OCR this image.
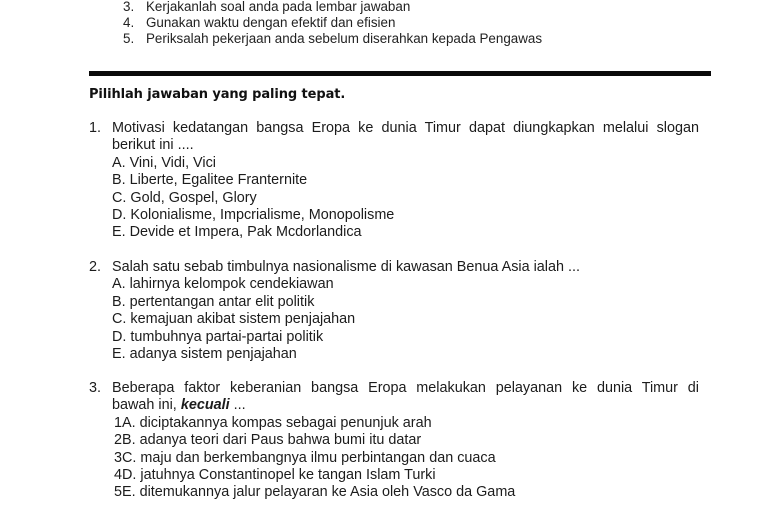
3. Kerjakanlah soal anda pada lembar jawaban
4. Gunakan waktu dengan efektif dan efisien
5. Periksalah pekerjaan anda sebelum diserahkan kepada Pengawas
Pilihlah jawaban yang paling tepat.
1. Motivasi kedatangan bangsa Eropa ke dunia Timur dapat diungkapkan melalui slogan
berikut ini ....
A. Vini, Vidi, Vici
B. Liberte, Egalitee Franternite
C. Gold, Gospel, Glory
D. Kolonialisme, Impcrialisme, Monopolisme
E. Devide et Impera, Pak Mcdorlandica
2. Salah satu sebab timbulnya nasionalisme di kawasan Benua Asia ialah ...
A. lahirnya kelompok cendekiawan
B. pertentangan antar elit politik
C. kemajuan akibat sistem penjajahan
D. tumbuhnya partai-partai politik
E. adanya sistem penjajahan
3. Beberapa faktor keberanian bangsa Eropa melakukan pelayanan ke dunia Timur di
bawah ini, kecuali ...
1A. diciptakannya kompas sebagai penunjuk arah
2B. adanya teori dari Paus bahwa bumi itu datar
3C. maju dan berkembangnya ilmu perbintangan dan cuaca
4D. jatuhnya Constantinopel ke tangan Islam Turki
5E. ditemukannya jalur pelayaran ke Asia oleh Vasco da Gama
